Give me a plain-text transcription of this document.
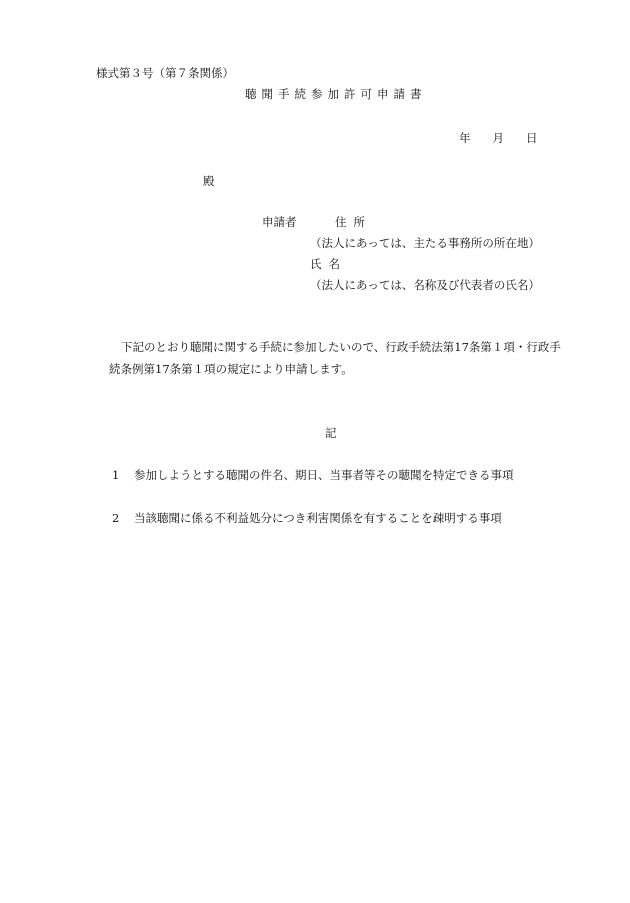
様式第３号（第７条関係）
聴聞手続参加許可申請書
年 月 日
殿
申請者	住所
（法人にあっては、主たる事務所の所在地）
氏名
（法人にあっては、名称及び代表者の氏名）
下記のとおり聴聞に関する手続に参加したいので、行政手続法第17条第１項・行政手
続条例第17条第１項の規定により申請します。
記
1 参加しようとする聴聞の件名、期日、当事者等その聴聞を特定できる事項
2 当該聴聞に係る不利益処分につき利害関係を有することを疎明する事項
